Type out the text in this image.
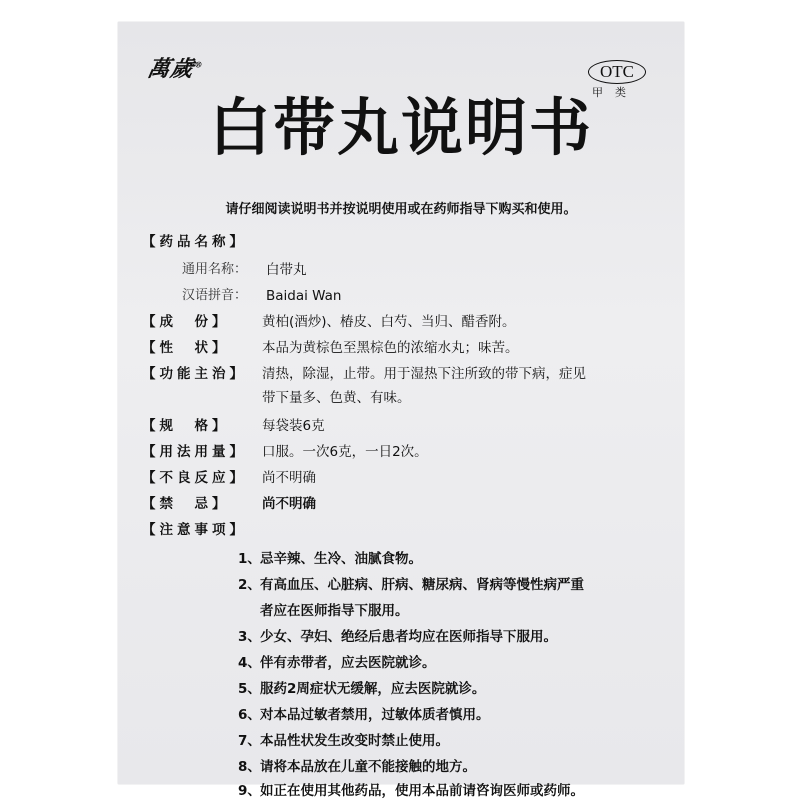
萬歲®	OTC
甲类
白带丸说明书
请仔细阅读说明书并按说明使用或在药师指导下购买和使用。
【药品名称】
通用名称： 白带丸
汉语拼音： Baidai Wan
【成　份】	黄柏(酒炒)、椿皮、白芍、当归、醋香附。
【性　状】	本品为黄棕色至黑棕色的浓缩水丸；味苦。
【功能主治】 清热，除湿，止带。用于湿热下注所致的带下病，症见
带下量多、色黄、有味。
【规　格】	每袋装6克
【用法用量】 口服。一次6克，一日2次。
【不良反应】 尚不明确
【禁　忌】	尚不明确
【注意事项】
1、忌辛辣、生冷、油腻食物。
2、有高血压、心脏病、肝病、糖尿病、肾病等慢性病严重
者应在医师指导下服用。
3、少女、孕妇、绝经后患者均应在医师指导下服用。
4、伴有赤带者，应去医院就诊。
5、服药2周症状无缓解，应去医院就诊。
6、对本品过敏者禁用，过敏体质者慎用。
7、本品性状发生改变时禁止使用。
8、请将本品放在儿童不能接触的地方。
9、如正在使用其他药品，使用本品前请咨询医师或药师。
